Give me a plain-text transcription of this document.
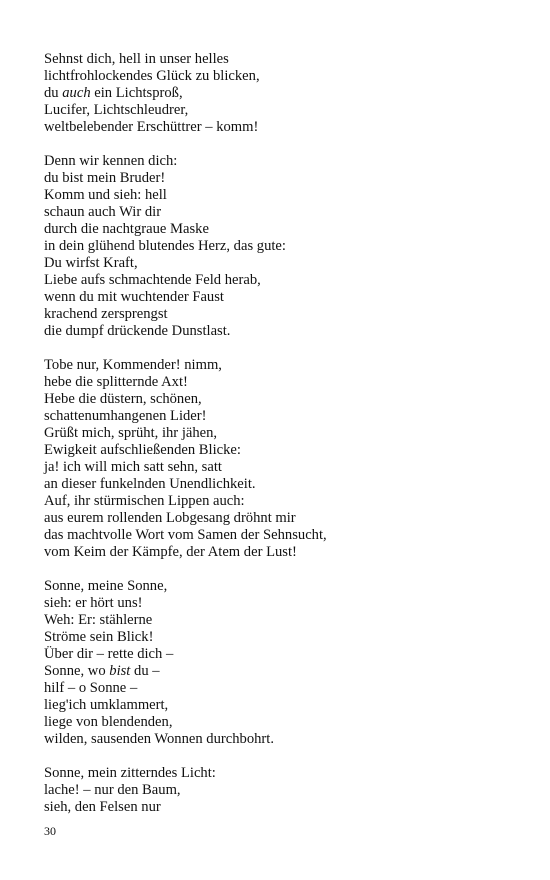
Sehnst dich, hell in unser helles
lichtfrohlockendes Glück zu blicken,
du auch ein Lichtsproß,
Lucifer, Lichtschleudrer,
weltbelebender Erschüttrer – komm!
Denn wir kennen dich:
du bist mein Bruder!
Komm und sieh: hell
schaun auch Wir dir
durch die nachtgraue Maske
in dein glühend blutendes Herz, das gute:
Du wirfst Kraft,
Liebe aufs schmachtende Feld herab,
wenn du mit wuchtender Faust
krachend zersprengst
die dumpf drückende Dunstlast.
Tobe nur, Kommender! nimm,
hebe die splitternde Axt!
Hebe die düstern, schönen,
schattenumhangenen Lider!
Grüßt mich, sprüht, ihr jähen,
Ewigkeit aufschließenden Blicke:
ja! ich will mich satt sehn, satt
an dieser funkelnden Unendlichkeit.
Auf, ihr stürmischen Lippen auch:
aus eurem rollenden Lobgesang dröhnt mir
das machtvolle Wort vom Samen der Sehnsucht,
vom Keim der Kämpfe, der Atem der Lust!
Sonne, meine Sonne,
sieh: er hört uns!
Weh: Er: stählerne
Ströme sein Blick!
Über dir – rette dich –
Sonne, wo bist du –
hilf – o Sonne –
lieg'ich umklammert,
liege von blendenden,
wilden, sausenden Wonnen durchbohrt.
Sonne, mein zitterndes Licht:
lache! – nur den Baum,
sieh, den Felsen nur
30
